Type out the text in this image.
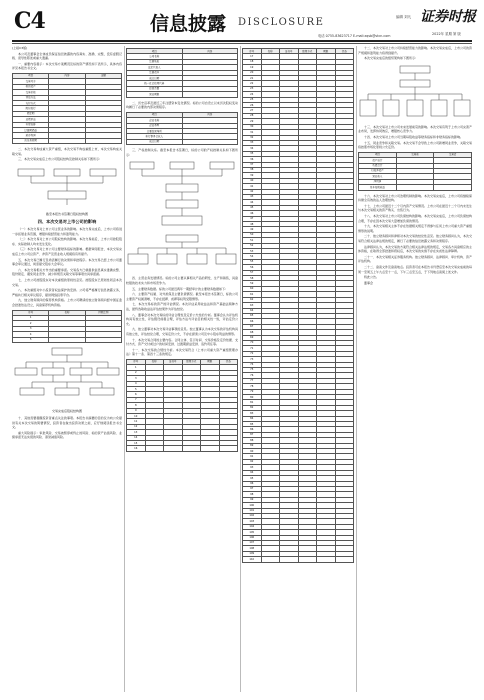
C4	信息披露 DISCLOSURE	编辑 刘凡
电话 0755-83623717 E-mail:zqsb@stcn.com
证券时报
2022年 星期 第 版

(上接C3版)

本公司及董事会全体成员保证信息披露的内容真实、准确、完整，没有虚假记载、误导性陈述或重大遗漏。

一、重要内容提示：本次交易方案概况及标的资产情况如下表所示，具体内容详见本报告书全文。

项目	内容	金额
交易对方		
标的资产		
交易价格		
评估方法		
支付方式		
股份发行		
锁定期		
业绩承诺		
补偿安排		
过渡期损益		
滚存利润		
决议有效期		

二、本次交易构成重大资产重组，本次交易不构成重组上市，本次交易构成关联交易。

三、本次交易完成后上市公司股权结构及控制关系如下图所示：

截至本报告书签署日股权结构图
四、本次交易对上市公司的影响

（一）本次交易对上市公司主营业务的影响。本次交易完成后，上市公司将进一步拓展业务范围，增强持续经营能力和盈利能力。

（二）本次交易对上市公司股权结构的影响。本次交易前后，上市公司控股股东、实际控制人均未发生变化。

（三）本次交易对上市公司主要财务指标的影响。根据审阅报告，本次交易完成后上市公司总资产、净资产及营业收入规模将有所提升。

五、本次交易已履行及尚需履行的决策和审批程序。本次交易已经上市公司董事会审议通过，尚需提交股东大会审议。

六、本次交易相关方作出的重要承诺。交易各方已就提供信息真实准确完整、股份锁定、避免同业竞争、减少和规范关联交易等事项出具承诺函。

七、上市公司控股股东对本次重组的原则性意见。控股股东已原则性同意本次交易。

八、本次重组对中小投资者权益保护的安排。公司将严格履行信息披露义务，严格执行相关审议程序，提供网络投票平台。

九、独立财务顾问的保荐机构资格。上市公司聘请的独立财务顾问经中国证监会批准依法设立，具备保荐机构资格。

序号	名称	持股比例
1		
2		
3		
4		
5		
交易完成后股权结构图

十、其他需要提醒投资者重点关注的事项。本报告书摘要的目的仅为向公众提供有关本次交易的简要情况，投资者在做出投资决策之前，应仔细阅读报告书全文。

重大风险提示：审批风险、交易被暂停或终止的风险、标的资产估值风险、业绩承诺无法实现的风险、商誉减值风险。

项目	内容
公司名称	
注册地址	
法定代表人	
注册资本	
成立日期	
统一社会信用代码	
经营范围	
营业期限	

二、历史沿革及最近三年注册资本变化情况。标的公司自设立以来历次股权变动均履行了必要的内部决策程序。

项目	内容
企业名称	
企业类型	
主要经营场所	
执行事务合伙人	
成立日期	

三、产权控制关系。截至本报告书签署日，标的公司的产权控制关系如下图所示：

四、主营业务发展情况。标的公司主要从事相关产品的研发、生产和销售，具备较强的技术实力和市场竞争力。

五、主要财务数据。标的公司最近两年一期经审计的主要财务数据如下：

六、主要资产权属、对外担保及主要负债情况。截至本报告书签署日，标的公司主要资产权属清晰，不存在抵押、质押等权利受限情形。

七、本次交易标的资产的评估情况。本次评估采用收益法和资产基础法两种方法，最终选取收益法评估结果作为评估结论。

八、董事会对本次交易标的评估合理性及定价公允性的分析。董事会认为评估机构具有独立性，评估假设前提合理，评估方法与评估目的相关性一致，评估定价公允。

九、独立董事对本次交易评估事项的意见。独立董事认为本次交易的评估机构具有独立性，评估结论合理，交易定价公允，不存在损害公司及中小股东利益的情形。

十、本次交易合同的主要内容。合同主体、签订时间、交易价格及定价依据、支付方式、资产交付或过户的时间安排、过渡期损益安排、违约责任等。

十一、本次交易的合规性分析。本次交易符合《上市公司重大资产重组管理办法》第十一条、第四十三条的规定。

序号	名称	证书号	取得方式	期限	状态
1					
2					
3					
4					
5					
6					
7					
8					
9					
10					
11					
12					
13					
14					
15					
16					
序号	名称	证书号	取得方式	期限	状态
17					
18					
19					
20					
21					
22					
23					
24					
25					
26					
27					
28					
29					
30					
31					
32					
33					
34					
35					
36					
37					
38					
39					
40					
41					
42					
43					
44					
45					
46					
47					
48					
49					
50					
51					
52					
53					
54					
55					
56					
57					
58					
59					
60					
61					
62					
63					
64					
65					
66					
67					
68					
69					
70					
71					
72					
73					
74					
75					
76					
77					
78					
79					
80					
81					
82					
83					
84					
85					
86					
87					
88					
89					
90					
91					
92					
93					
94					
95					
96					
97					
98					
99					
100					
101					
102					
103					
104					
105					
106					
107					
108					
109					
110					

十二、本次交易对上市公司持续经营能力的影响。本次交易完成后，上市公司的资产规模和盈利能力将得到提升。

本次交易完成后的组织架构如下图所示：

十三、本次交易对上市公司未来发展前景的影响。本次交易有利于上市公司完善产业布局，发挥协同效应，增强核心竞争力。

十四、本次交易对上市公司当期每股收益等财务指标和非财务指标的影响。

十五、同业竞争和关联交易。本次交易不会导致上市公司新增同业竞争，关联交易将按照市场化原则公允定价。

项目	交易前	交易后
资产总计		
负债合计		
归母净资产		
营业收入		
净利润		
基本每股收益		

十六、本次交易对上市公司治理机制的影响。本次交易完成后，上市公司将继续保持健全有效的法人治理结构。

十七、上市公司最近十二个月内资产交易情况。上市公司在最近十二个月内未发生与本次交易相关的资产购买、出售行为。

十八、本次交易对上市公司负债结构的影响。本次交易完成后，上市公司负债结构合理，不存在因本次交易大量增加负债的情况。

十九、本次交易相关主体不存在依据相关规定不得参与任何上市公司重大资产重组情形的说明。

二十、独立财务顾问和律师对本次交易的结论性意见。独立财务顾问认为，本次交易符合相关法律法规的规定，履行了必要的信息披露义务和决策程序。

法律顾问认为，本次交易的方案符合相关法律法规的规定，交易各方具备相应的主体资格，在取得全部批准和授权后，本次交易的实施不存在实质性法律障碍。

二十一、本次交易相关证券服务机构。独立财务顾问、法律顾问、审计机构、资产评估机构。

二十二、备查文件及备查地点。投资者可在本报告书刊登后至本次交易完成前的每周一至周五上午九点至十一点，下午三点至五点，于下列地点查阅上述文件。

特此公告。

董事会
